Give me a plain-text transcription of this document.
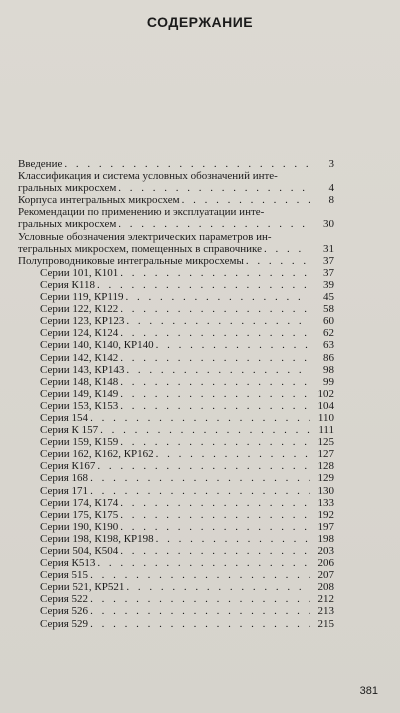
СОДЕРЖАНИЕ
Введение . . .	3
Классификация и система условных обозначений инте-
гральных микросхем . . .	4
Корпуса интегральных микросхем . . .	8
Рекомендации по применению и эксплуатации инте-
гральных микросхем . . .	30
Условные обозначения электрических параметров ин-
тегральных микросхем, помещенных в справочнике . . .	31
Полупроводниковые интегральные микросхемы . . .	37
Серии 101, К101 . . .	37
Серия К118 . . .	39
Серии 119, КР119 . . .	45
Серии 122, К122 . . .	58
Серии 123, КР123 . . .	60
Серии 124, К124 . . .	62
Серии 140, К140, КР140 . . .	63
Серии 142, К142 . . .	86
Серии 143, КР143 . . .	98
Серии 148, К148 . . .	99
Серии 149, К149 . . .	102
Серии 153, К153 . . .	104
Серия 154 . . .	110
Серия К 157 . . .	111
Серии 159, К159 . . .	125
Серии 162, К162, КР162 . . .	127
Серия К167 . . .	128
Серия 168 . . .	129
Серия 171 . . .	130
Серии 174, К174 . . .	133
Серии 175, К175 . . .	192
Серии 190, К190 . . .	197
Серии 198, К198, КР198 . . .	198
Серии 504, К504 . . .	203
Серия К513 . . .	206
Серия 515 . . .	207
Серии 521, КР521 . . .	208
Серия 522 . . .	212
Серия 526 . . .	213
Серия 529 . . .	215
381
